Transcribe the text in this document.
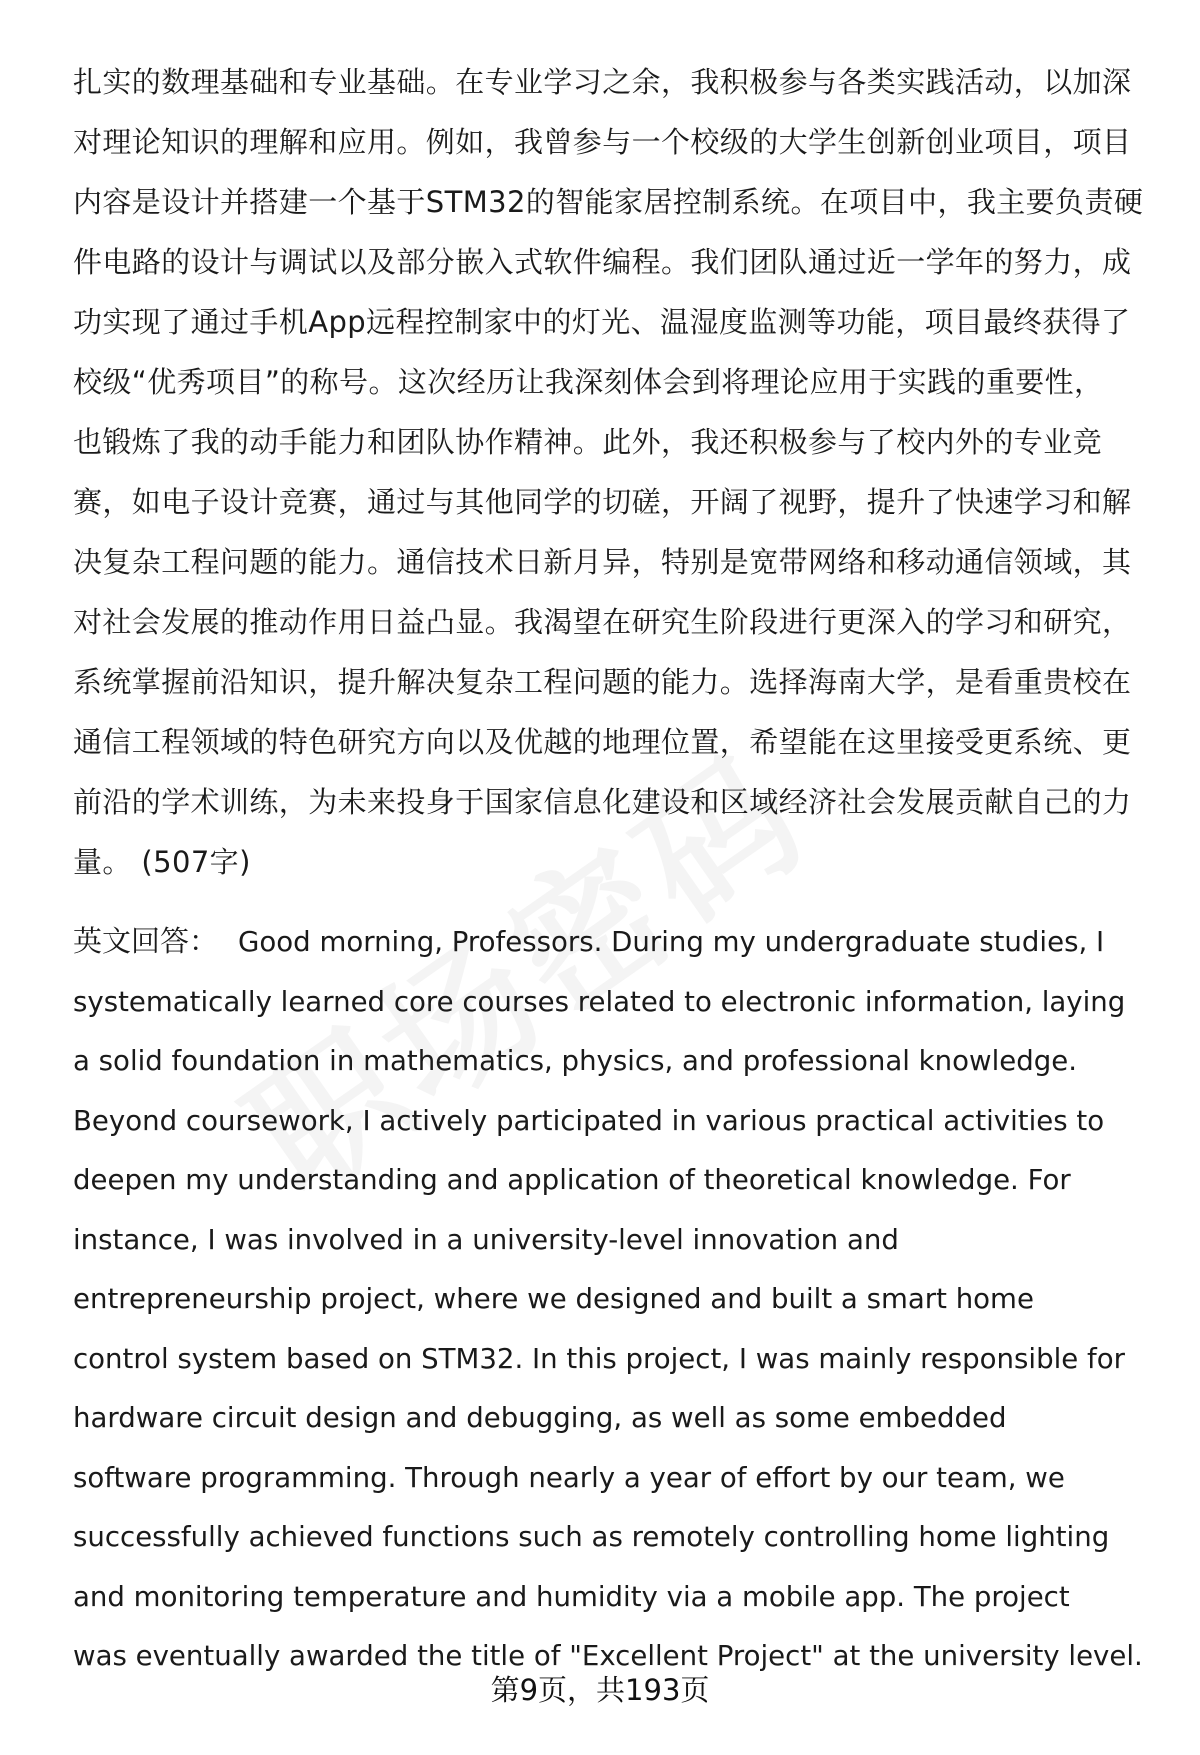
扎实的数理基础和专业基础。在专业学习之余，我积极参与各类实践活动，以加深
对理论知识的理解和应用。例如，我曾参与一个校级的大学生创新创业项目，项目
内容是设计并搭建一个基于STM32的智能家居控制系统。在项目中，我主要负责硬
件电路的设计与调试以及部分嵌入式软件编程。我们团队通过近一学年的努力，成
功实现了通过手机App远程控制家中的灯光、温湿度监测等功能，项目最终获得了
校级“优秀项目”的称号。这次经历让我深刻体会到将理论应用于实践的重要性，
也锻炼了我的动手能力和团队协作精神。此外，我还积极参与了校内外的专业竞
赛，如电子设计竞赛，通过与其他同学的切磋，开阔了视野，提升了快速学习和解
决复杂工程问题的能力。通信技术日新月异，特别是宽带网络和移动通信领域，其
对社会发展的推动作用日益凸显。我渴望在研究生阶段进行更深入的学习和研究，
系统掌握前沿知识，提升解决复杂工程问题的能力。选择海南大学，是看重贵校在
通信工程领域的特色研究方向以及优越的地理位置，希望能在这里接受更系统、更
前沿的学术训练，为未来投身于国家信息化建设和区域经济社会发展贡献自己的力
量。 (507字)
英文回答： Good morning, Professors. During my undergraduate studies, I
systematically learned core courses related to electronic information, laying
a solid foundation in mathematics, physics, and professional knowledge.
Beyond coursework, I actively participated in various practical activities to
deepen my understanding and application of theoretical knowledge. For
instance, I was involved in a university-level innovation and
entrepreneurship project, where we designed and built a smart home
control system based on STM32. In this project, I was mainly responsible for
hardware circuit design and debugging, as well as some embedded
software programming. Through nearly a year of effort by our team, we
successfully achieved functions such as remotely controlling home lighting
and monitoring temperature and humidity via a mobile app. The project
was eventually awarded the title of "Excellent Project" at the university level.
第9页，共193页
